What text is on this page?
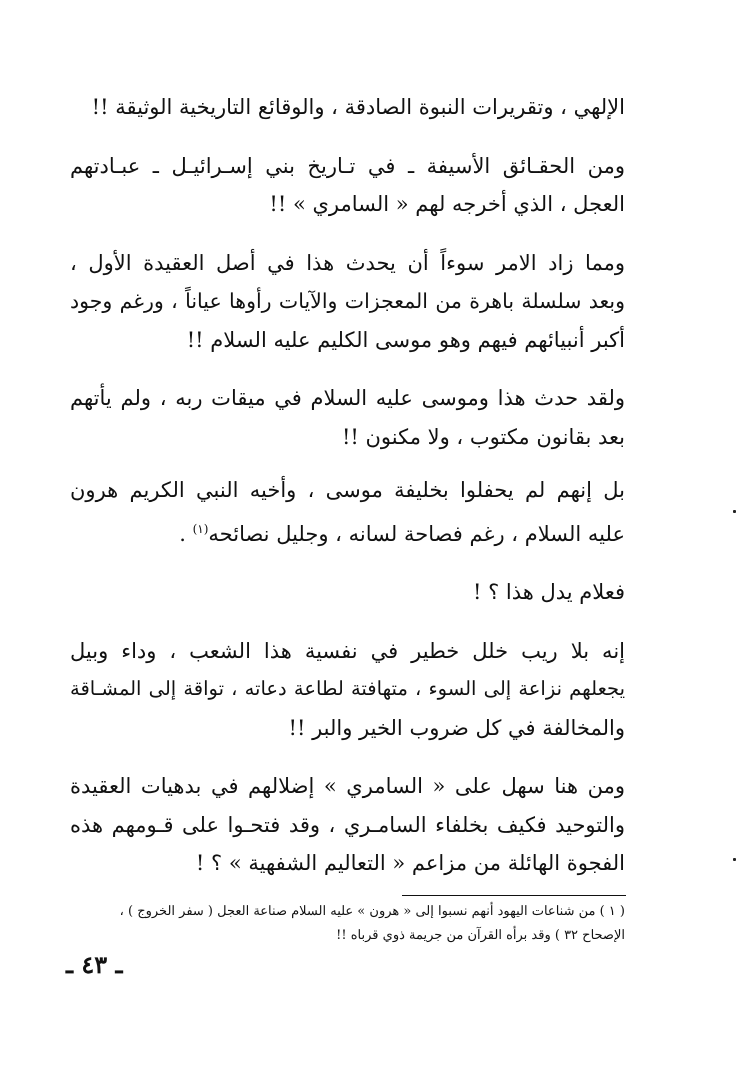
الإلهي ، وتقريرات النبوة الصادقة ، والوقائع التاريخية الوثيقة !!

ومن الحقـائق الأسيفة ـ في تـاريخ بني إسـرائيـل ـ عبـادتهم
العجل ، الذي أخرجه لهم « السامري » !!

ومما زاد الامر سوءاً أن يحدث هذا في أصل العقيدة الأول ،
وبعد سلسلة باهرة من المعجزات والآيات رأوها عياناً ، ورغم وجود
أكبر أنبيائهم فيهم وهو موسى الكليم عليه السلام !!

ولقد حدث هذا وموسى عليه السلام في ميقات ربه ، ولم يأتهم
بعد بقانون مكتوب ، ولا مكنون !!

بل إنهم لم يحفلوا بخليفة موسى ، وأخيه النبي الكريم هرون
عليه السلام ، رغم فصاحة لسانه ، وجليل نصائحه$^{(١)}$ .

فعلام يدل هذا ؟ !

إنه بلا ريب خلل خطير في نفسية هذا الشعب ، وداء وبيل
يجعلهم نزاعة إلى السوء ، متهافتة لطاعة دعاته ، تواقة إلى المشـاقة
والمخالفة في كل ضروب الخير والبر !!

ومن هنا سهل على « السامري » إضلالهم في بدهيات العقيدة
والتوحيد فكيف بخلفاء السامـري ، وقد فتحـوا على قـومهم هذه
الفجوة الهائلة من مزاعم « التعاليم الشفهية » ؟ !

( ١ ) من شناعات اليهود أنهم نسبوا إلى « هرون » عليه السلام صناعة العجل ( سفر الخروج ) ،
الإصحاح ٣٢ ) وقد برأه القرآن من جريمة ذوي قرباه !!
ـ ٤٣ ـ
